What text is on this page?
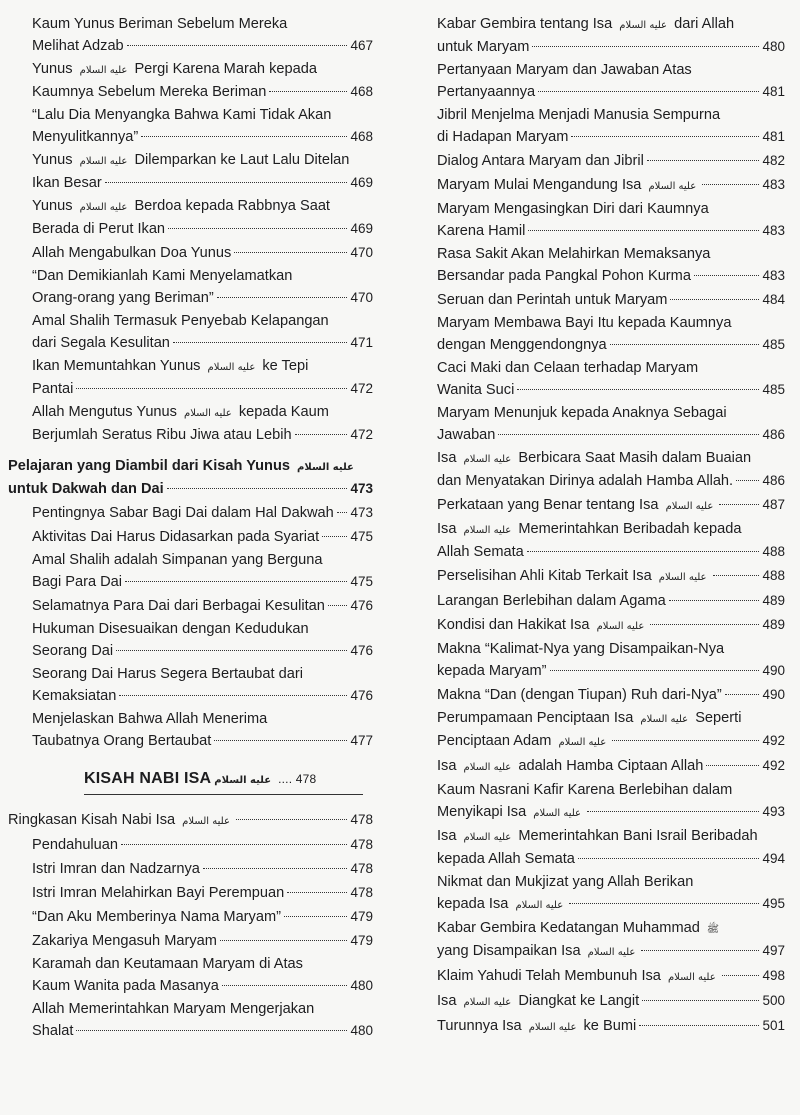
Kaum Yunus Beriman Sebelum Mereka
Melihat Adzab	467
Yunus عليه السلام Pergi Karena Marah kepada
Kaumnya Sebelum Mereka Beriman	468
“Lalu Dia Menyangka Bahwa Kami Tidak Akan
Menyulitkannya”	468
Yunus عليه السلام Dilemparkan ke Laut Lalu Ditelan
Ikan Besar	469
Yunus عليه السلام Berdoa kepada Rabbnya Saat
Berada di Perut Ikan	469
Allah Mengabulkan Doa Yunus	470
“Dan Demikianlah Kami Menyelamatkan
Orang-orang yang Beriman”	470
Amal Shalih Termasuk Penyebab Kelapangan
dari Segala Kesulitan	471
Ikan Memuntahkan Yunus عليه السلام ke Tepi
Pantai	472
Allah Mengutus Yunus عليه السلام kepada Kaum
Berjumlah Seratus Ribu Jiwa atau Lebih	472
Pelajaran yang Diambil dari Kisah Yunus عليه السلام
untuk Dakwah dan Dai	473
Pentingnya Sabar Bagi Dai dalam Hal Dakwah 473
Aktivitas Dai Harus Didasarkan pada Syariat 475
Amal Shalih adalah Simpanan yang Berguna
Bagi Para Dai	475
Selamatnya Para Dai dari Berbagai Kesulitan 476
Hukuman Disesuaikan dengan Kedudukan
Seorang Dai	476
Seorang Dai Harus Segera Bertaubat dari
Kemaksiatan	476
Menjelaskan Bahwa Allah Menerima
Taubatnya Orang Bertaubat	477
KISAH NABI ISA عليه السلام .... 478
Ringkasan Kisah Nabi Isa عليه السلام	478
Pendahuluan	478
Istri Imran dan Nadzarnya	478
Istri Imran Melahirkan Bayi Perempuan	478
“Dan Aku Memberinya Nama Maryam”	479
Zakariya Mengasuh Maryam	479
Karamah dan Keutamaan Maryam di Atas
Kaum Wanita pada Masanya	480
Allah Memerintahkan Maryam Mengerjakan
Shalat	480
Kabar Gembira tentang Isa عليه السلام dari Allah
untuk Maryam	480
Pertanyaan Maryam dan Jawaban Atas
Pertanyaannya	481
Jibril Menjelma Menjadi Manusia Sempurna
di Hadapan Maryam	481
Dialog Antara Maryam dan Jibril	482
Maryam Mulai Mengandung Isa عليه السلام	483
Maryam Mengasingkan Diri dari Kaumnya
Karena Hamil	483
Rasa Sakit Akan Melahirkan Memaksanya
Bersandar pada Pangkal Pohon Kurma	483
Seruan dan Perintah untuk Maryam	484
Maryam Membawa Bayi Itu kepada Kaumnya
dengan Menggendongnya	485
Caci Maki dan Celaan terhadap Maryam
Wanita Suci	485
Maryam Menunjuk kepada Anaknya Sebagai
Jawaban	486
Isa عليه السلام Berbicara Saat Masih dalam Buaian
dan Menyatakan Dirinya adalah Hamba Allah. 486
Perkataan yang Benar tentang Isa عليه السلام	487
Isa عليه السلام Memerintahkan Beribadah kepada
Allah Semata	488
Perselisihan Ahli Kitab Terkait Isa عليه السلام	488
Larangan Berlebihan dalam Agama	489
Kondisi dan Hakikat Isa عليه السلام	489
Makna “Kalimat-Nya yang Disampaikan-Nya
kepada Maryam”	490
Makna “Dan (dengan Tiupan) Ruh dari-Nya”	490
Perumpamaan Penciptaan Isa عليه السلام Seperti
Penciptaan Adam عليه السلام	492
Isa عليه السلام adalah Hamba Ciptaan Allah	492
Kaum Nasrani Kafir Karena Berlebihan dalam
Menyikapi Isa عليه السلام	493
Isa عليه السلام Memerintahkan Bani Israil Beribadah
kepada Allah Semata	494
Nikmat dan Mukjizat yang Allah Berikan
kepada Isa عليه السلام	495
Kabar Gembira Kedatangan Muhammad ﷺ
yang Disampaikan Isa عليه السلام	497
Klaim Yahudi Telah Membunuh Isa عليه السلام	498
Isa عليه السلام Diangkat ke Langit	500
Turunnya Isa عليه السلام ke Bumi	501
